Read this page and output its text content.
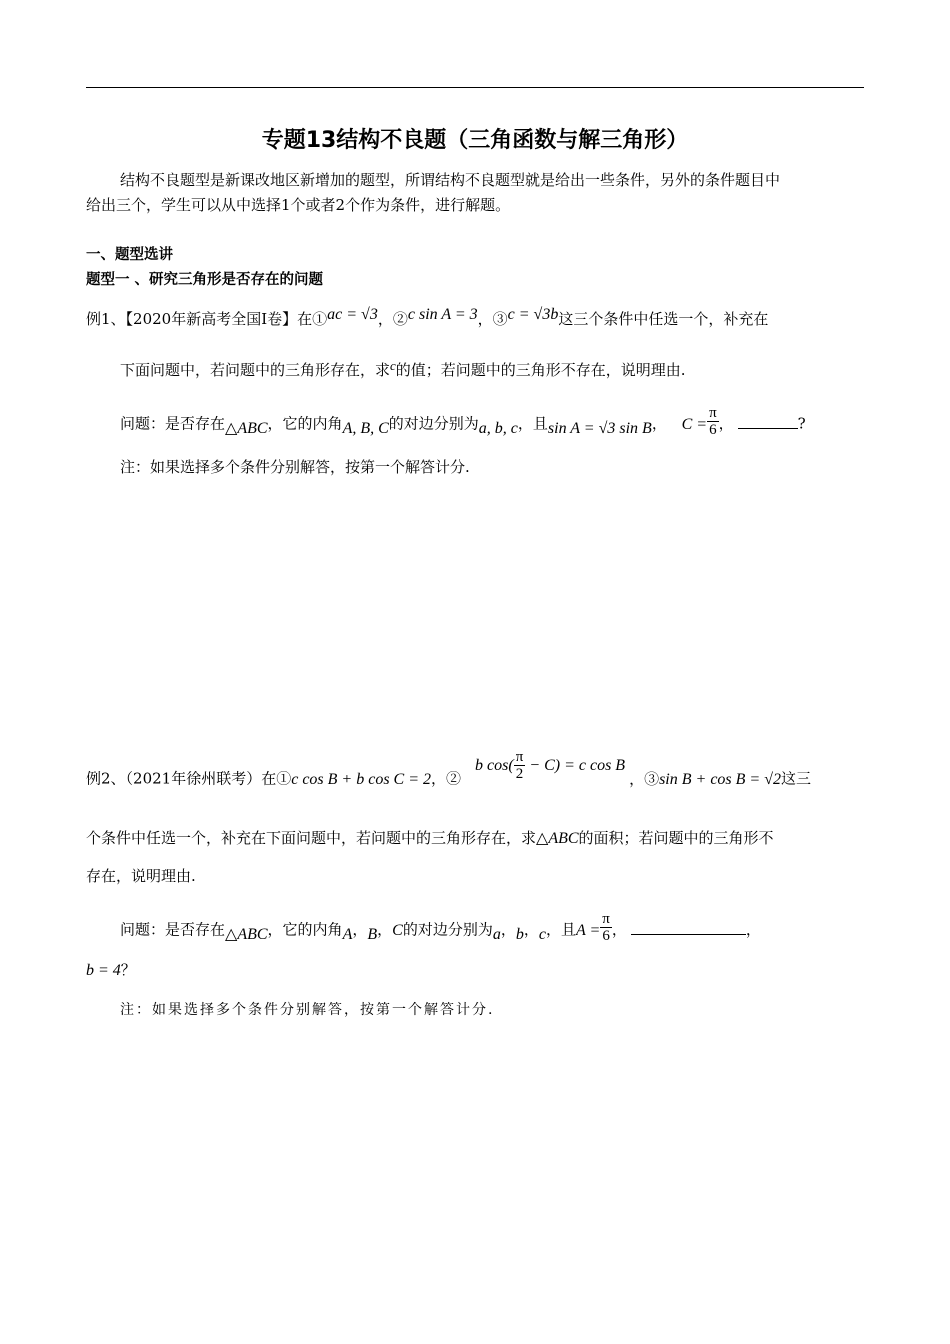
专题13结构不良题（三角函数与解三角形）
结构不良题型是新课改地区新增加的题型，所谓结构不良题型就是给出一些条件，另外的条件题目中
给出三个，学生可以从中选择1个或者2个作为条件，进行解题。
一、题型选讲
题型一 、研究三角形是否存在的问题
例1、【2020年新高考全国Ⅰ卷】在①ac = √3，②c sin A = 3，③c = √3b这三个条件中任选一个，补充在
下面问题中，若问题中的三角形存在，求c的值；若问题中的三角形不存在，说明理由.
问题：是否存在△ABC，它的内角A, B, C的对边分别为a, b, c，且sin A = √3 sin B， $C = \frac{\pi}{6}$ ，	?
注：如果选择多个条件分别解答，按第一个解答计分.
例2、（2021年徐州联考）在①c cos B + b cos C = 2，②b $\cos( \frac{\pi}{2} - C) = c$ cos B，③sin B + cos B = √2这三
个条件中任选一个，补充在下面问题中，若问题中的三角形存在，求△ABC的面积；若问题中的三角形不
存在，说明理由.
问题：是否存在△ABC，它的内角A，B，C的对边分别为a，b，c，且$A = \frac{\pi}{6}$ ，	，
b = 4？
注：如果选择多个条件分别解答，按第一个解答计分.
